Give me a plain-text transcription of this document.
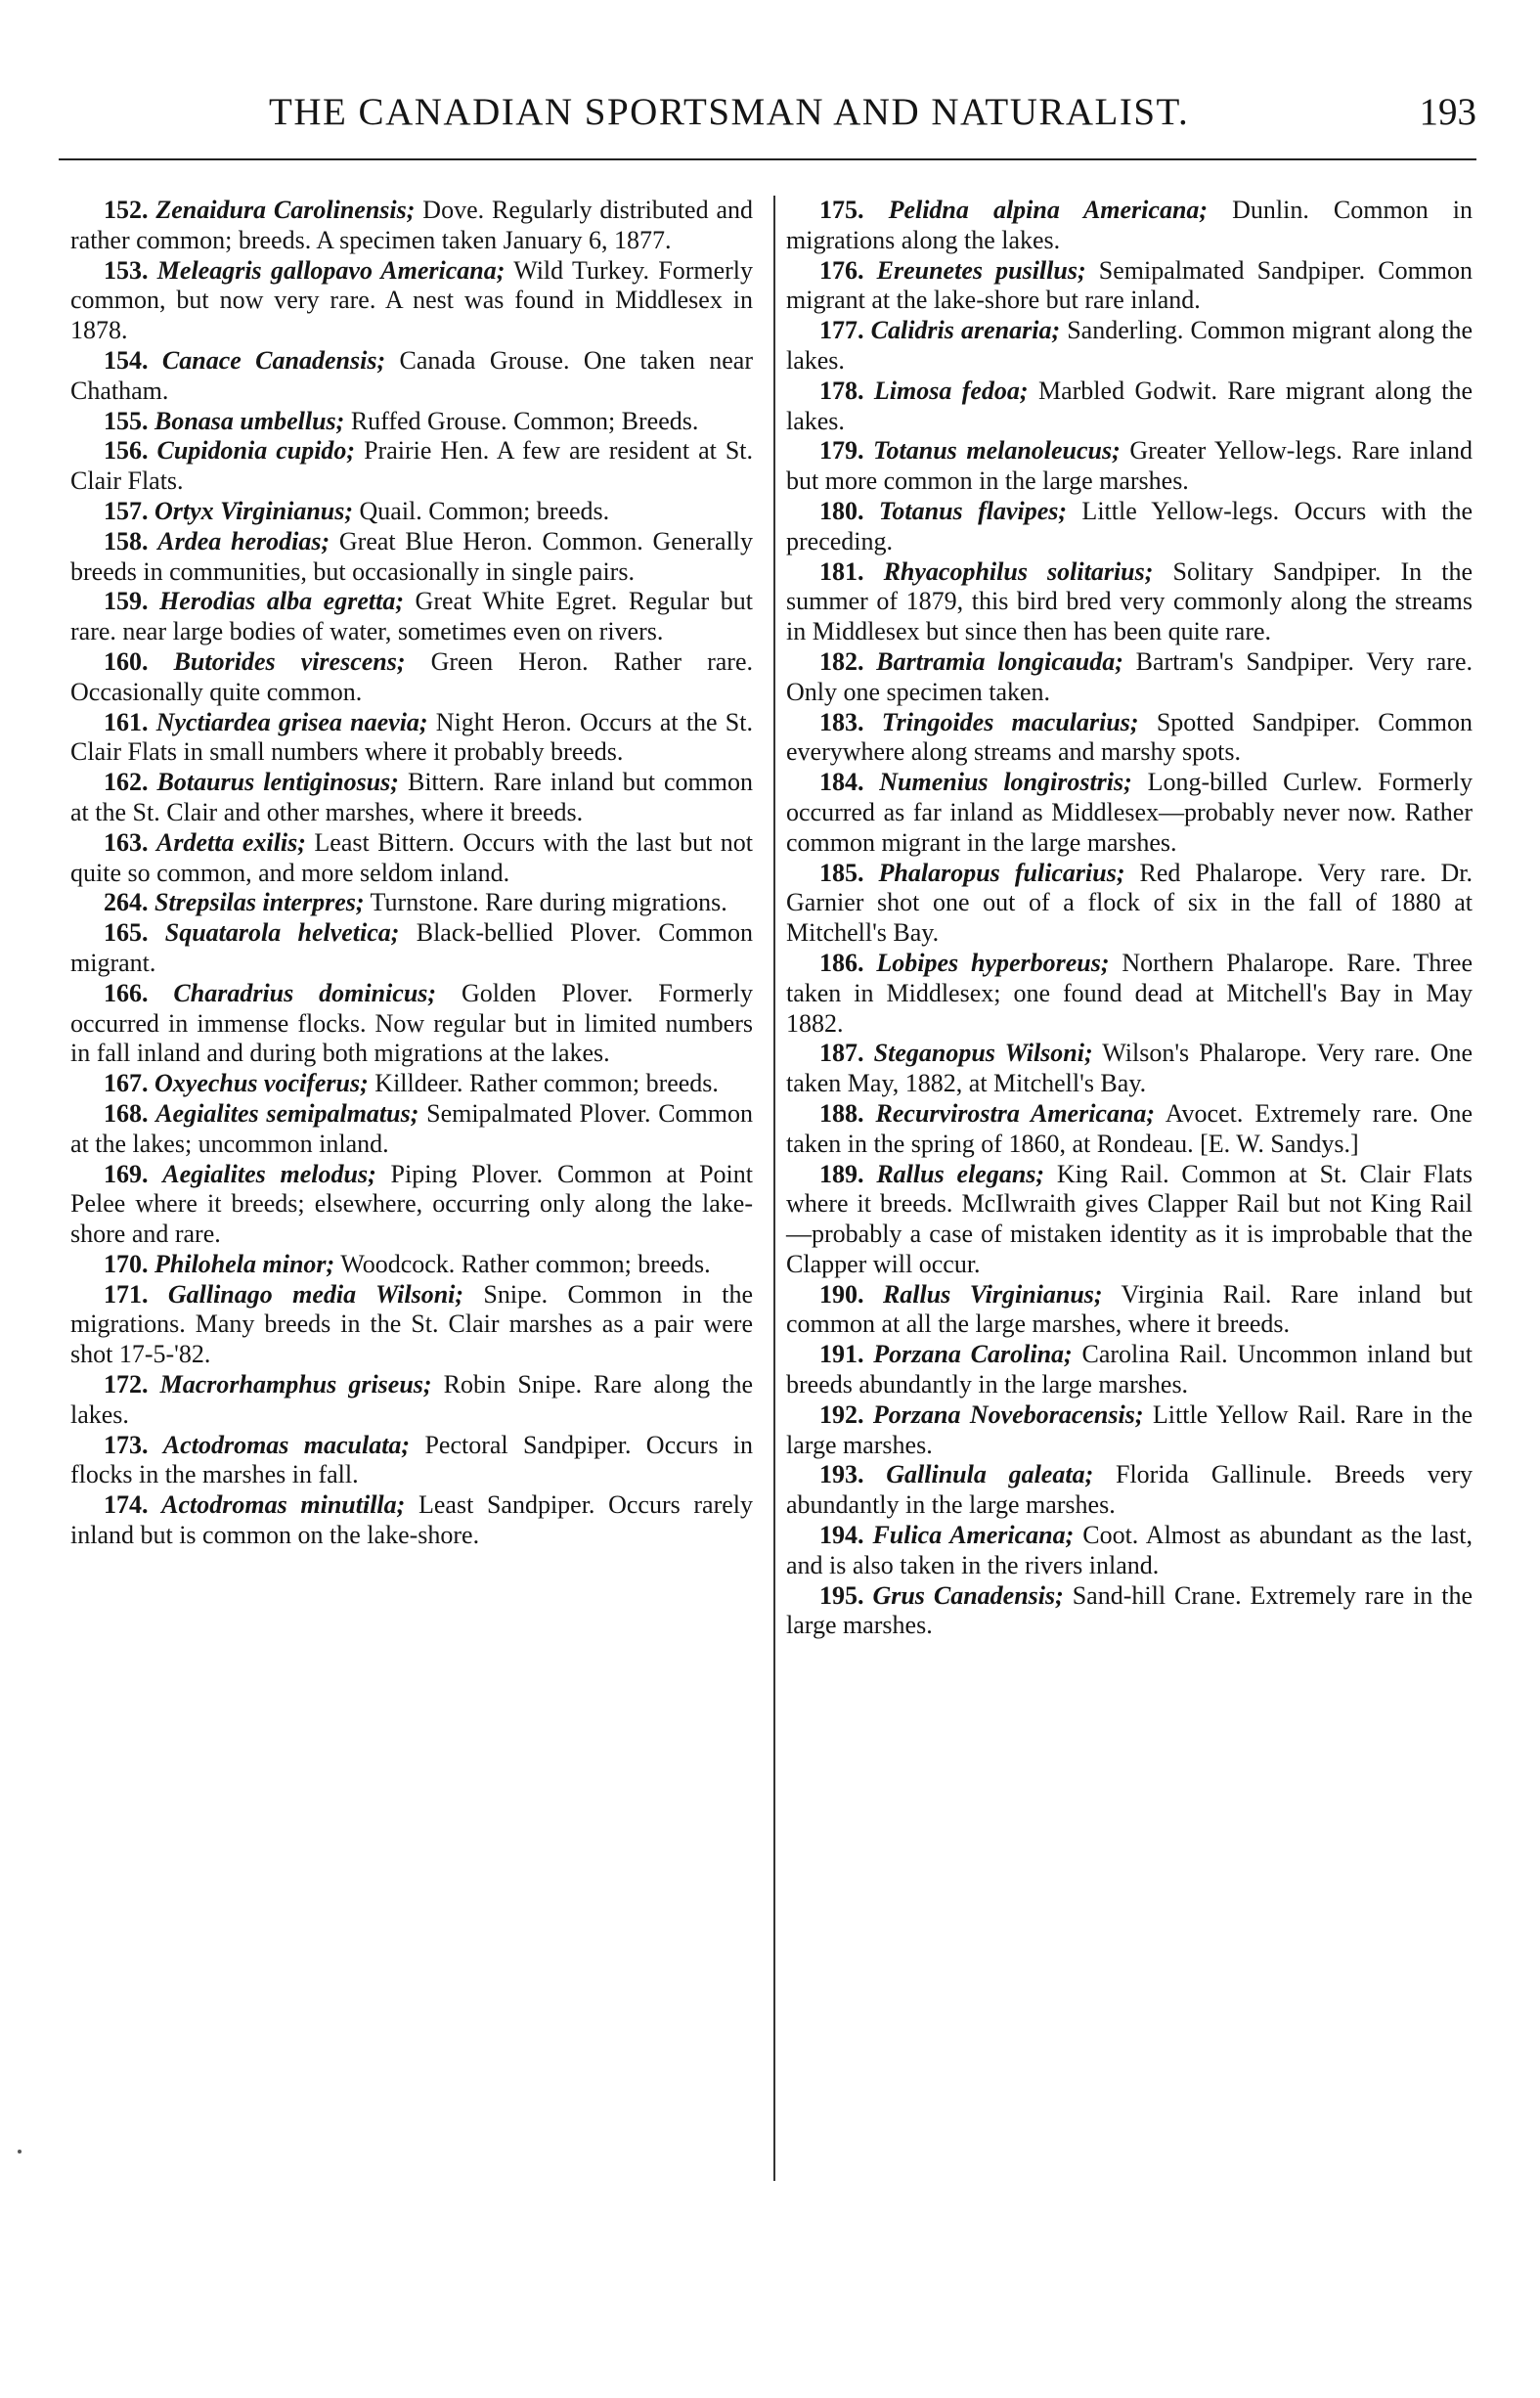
THE CANADIAN SPORTSMAN AND NATURALIST.	193

152. Zenaidura Carolinensis; Dove. Regularly distributed and rather common; breeds. A specimen taken January 6, 1877.

153. Meleagris gallopavo Americana; Wild Turkey. Formerly common, but now very rare. A nest was found in Middlesex in 1878.

154. Canace Canadensis; Canada Grouse. One taken near Chatham.

155. Bonasa umbellus; Ruffed Grouse. Common; Breeds.

156. Cupidonia cupido; Prairie Hen. A few are resident at St. Clair Flats.

157. Ortyx Virginianus; Quail. Common; breeds.

158. Ardea herodias; Great Blue Heron. Common. Generally breeds in communities, but occasionally in single pairs.

159. Herodias alba egretta; Great White Egret. Regular but rare. near large bodies of water, sometimes even on rivers.

160. Butorides virescens; Green Heron. Rather rare. Occasionally quite common.

161. Nyctiardea grisea naevia; Night Heron. Occurs at the St. Clair Flats in small numbers where it probably breeds.

162. Botaurus lentiginosus; Bittern. Rare inland but common at the St. Clair and other marshes, where it breeds.

163. Ardetta exilis; Least Bittern. Occurs with the last but not quite so common, and more seldom inland.

264. Strepsilas interpres; Turnstone. Rare during migrations.

165. Squatarola helvetica; Black-bellied Plover. Common migrant.

166. Charadrius dominicus; Golden Plover. Formerly occurred in immense flocks. Now regular but in limited numbers in fall inland and during both migrations at the lakes.

167. Oxyechus vociferus; Killdeer. Rather common; breeds.

168. Aegialites semipalmatus; Semipalmated Plover. Common at the lakes; uncommon inland.

169. Aegialites melodus; Piping Plover. Common at Point Pelee where it breeds; elsewhere, occurring only along the lake-shore and rare.

170. Philohela minor; Woodcock. Rather common; breeds.

171. Gallinago media Wilsoni; Snipe. Common in the migrations. Many breeds in the St. Clair marshes as a pair were shot 17-5-'82.

172. Macrorhamphus griseus; Robin Snipe. Rare along the lakes.

173. Actodromas maculata; Pectoral Sandpiper. Occurs in flocks in the marshes in fall.

174. Actodromas minutilla; Least Sandpiper. Occurs rarely inland but is common on the lake-shore.

175. Pelidna alpina Americana; Dunlin. Common in migrations along the lakes.

176. Ereunetes pusillus; Semipalmated Sandpiper. Common migrant at the lake-shore but rare inland.

177. Calidris arenaria; Sanderling. Common migrant along the lakes.

178. Limosa fedoa; Marbled Godwit. Rare migrant along the lakes.

179. Totanus melanoleucus; Greater Yellow-legs. Rare inland but more common in the large marshes.

180. Totanus flavipes; Little Yellow-legs. Occurs with the preceding.

181. Rhyacophilus solitarius; Solitary Sandpiper. In the summer of 1879, this bird bred very commonly along the streams in Middlesex but since then has been quite rare.

182. Bartramia longicauda; Bartram's Sandpiper. Very rare. Only one specimen taken.

183. Tringoides macularius; Spotted Sandpiper. Common everywhere along streams and marshy spots.

184. Numenius longirostris; Long-billed Curlew. Formerly occurred as far inland as Middlesex—probably never now. Rather common migrant in the large marshes.

185. Phalaropus fulicarius; Red Phalarope. Very rare. Dr. Garnier shot one out of a flock of six in the fall of 1880 at Mitchell's Bay.

186. Lobipes hyperboreus; Northern Phalarope. Rare. Three taken in Middlesex; one found dead at Mitchell's Bay in May 1882.

187. Steganopus Wilsoni; Wilson's Phalarope. Very rare. One taken May, 1882, at Mitchell's Bay.

188. Recurvirostra Americana; Avocet. Extremely rare. One taken in the spring of 1860, at Rondeau. [E. W. Sandys.]

189. Rallus elegans; King Rail. Common at St. Clair Flats where it breeds. McIlwraith gives Clapper Rail but not King Rail—probably a case of mistaken identity as it is improbable that the Clapper will occur.

190. Rallus Virginianus; Virginia Rail. Rare inland but common at all the large marshes, where it breeds.

191. Porzana Carolina; Carolina Rail. Uncommon inland but breeds abundantly in the large marshes.

192. Porzana Noveboracensis; Little Yellow Rail. Rare in the large marshes.

193. Gallinula galeata; Florida Gallinule. Breeds very abundantly in the large marshes.

194. Fulica Americana; Coot. Almost as abundant as the last, and is also taken in the rivers inland.

195. Grus Canadensis; Sand-hill Crane. Extremely rare in the large marshes.
